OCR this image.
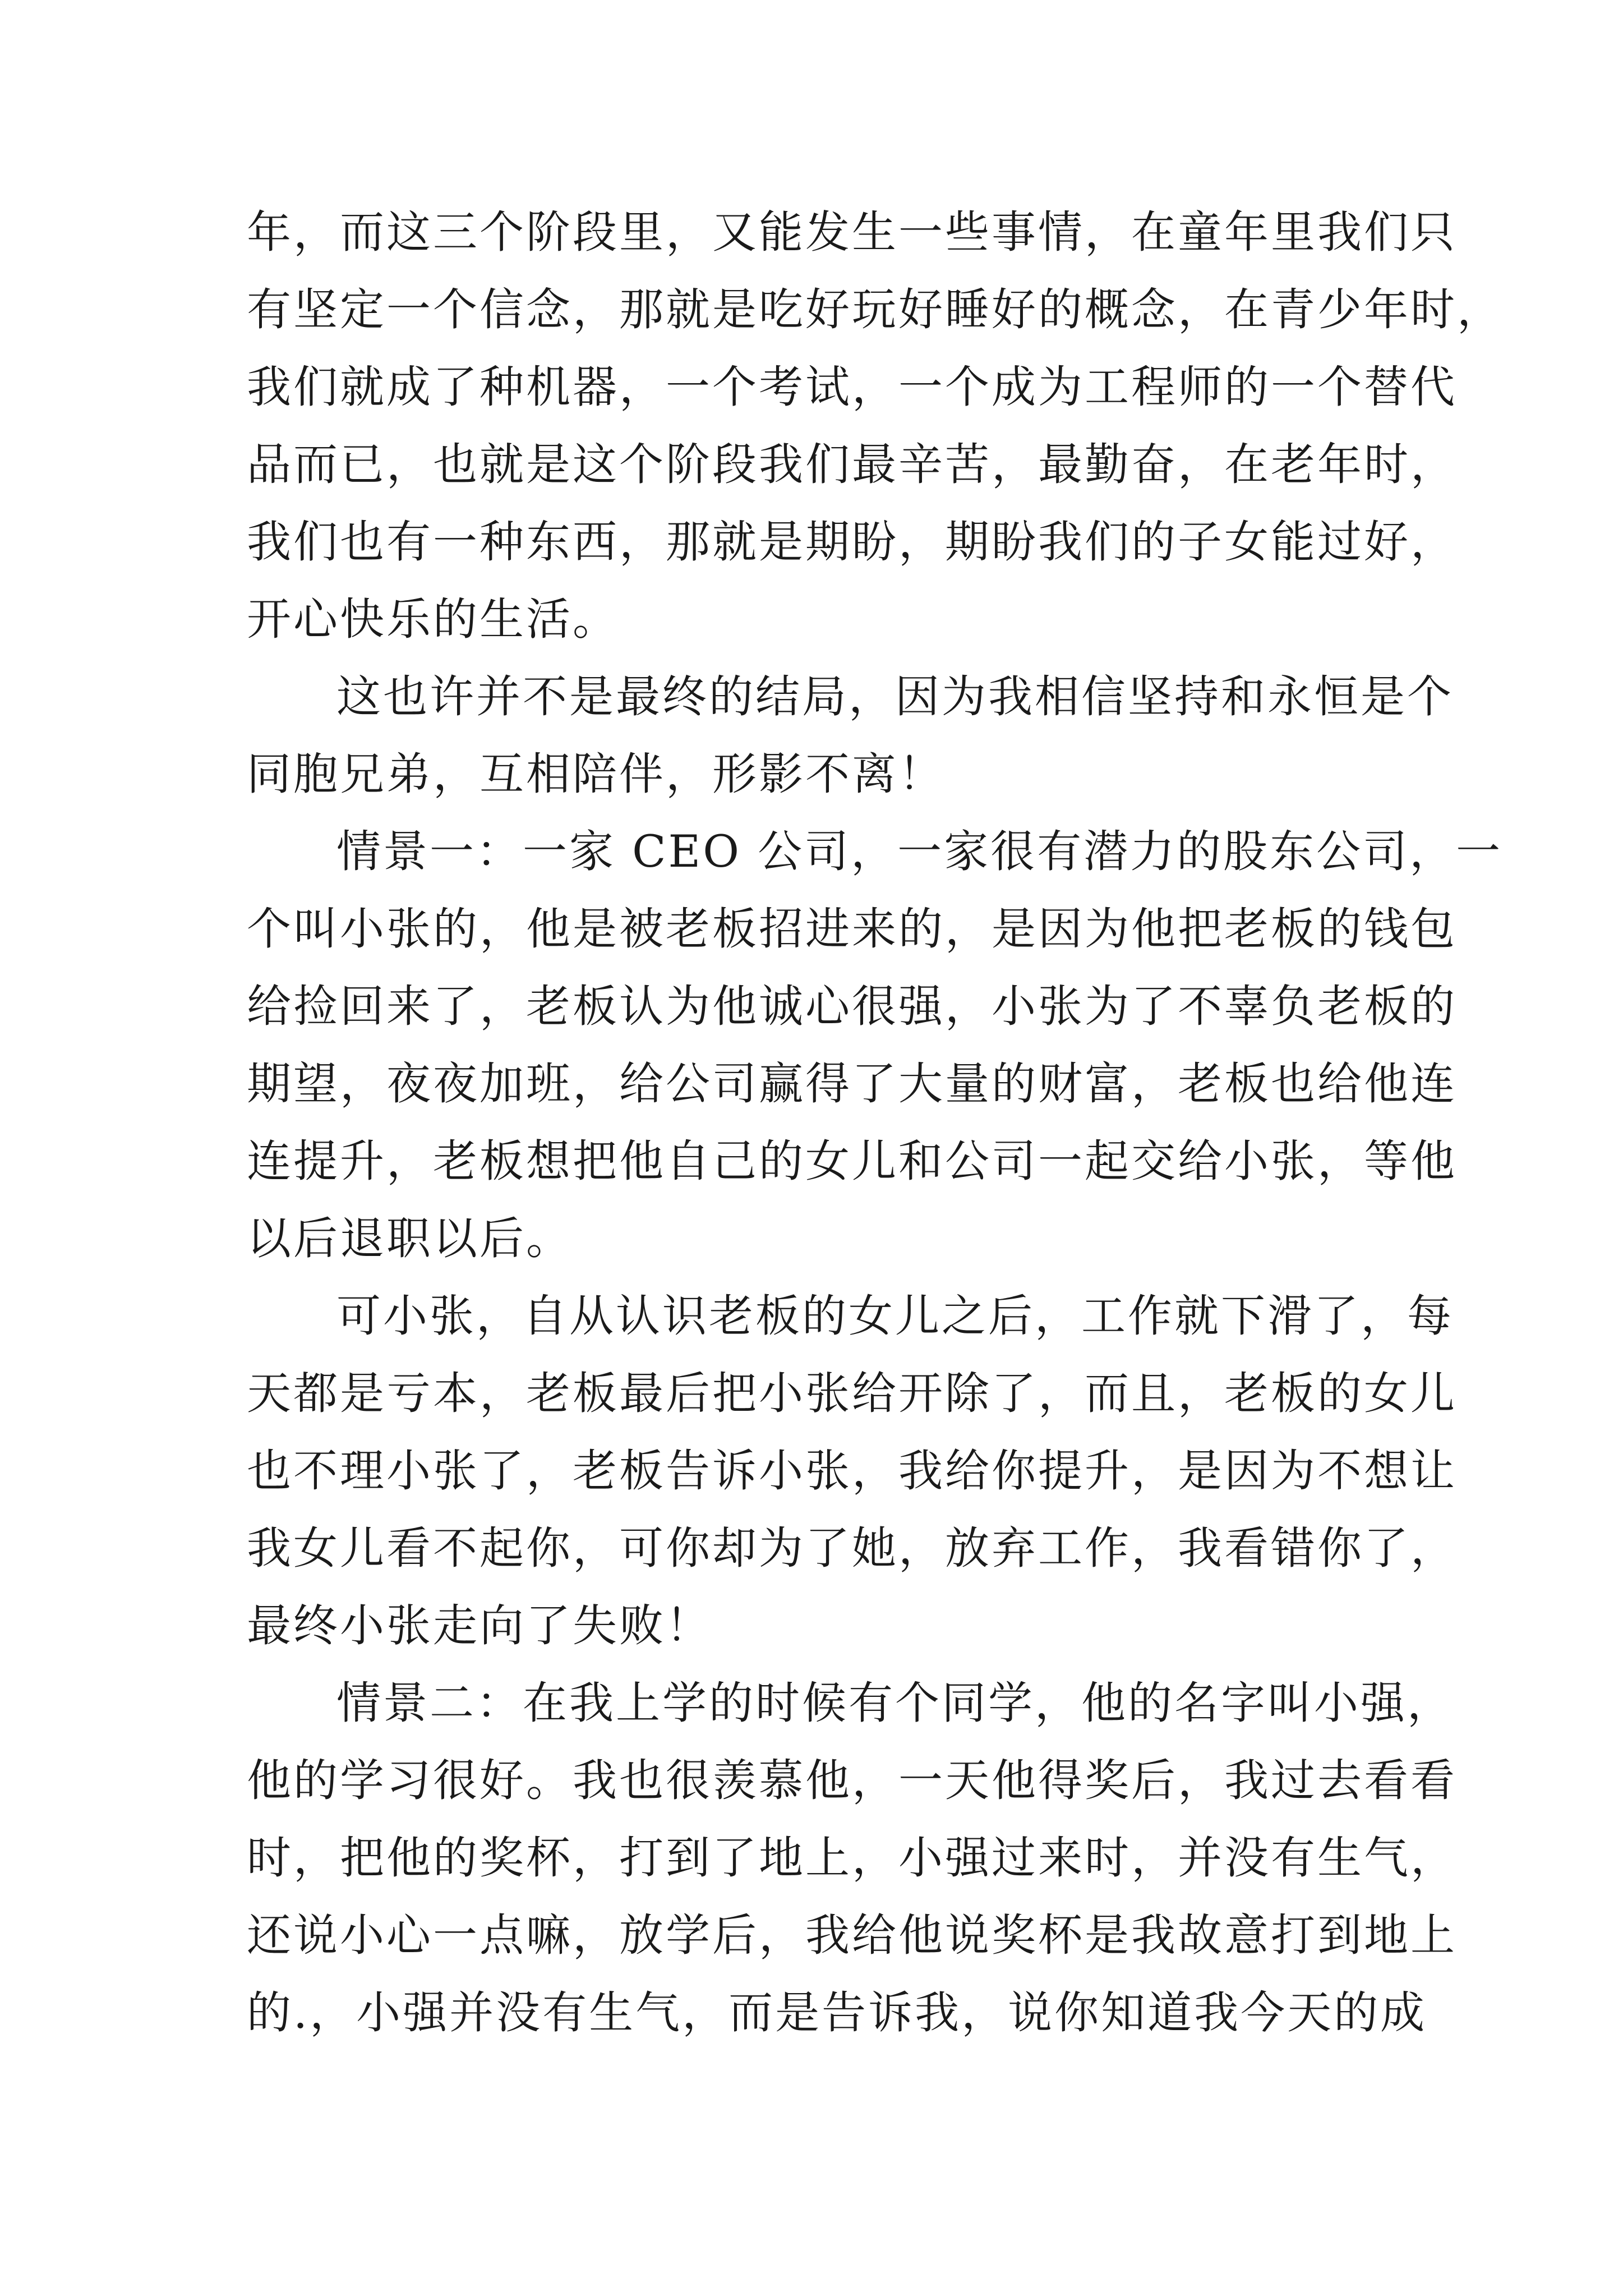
年，而这三个阶段里，又能发生一些事情，在童年里我们只
有坚定一个信念，那就是吃好玩好睡好的概念，在青少年时，
我们就成了种机器，一个考试，一个成为工程师的一个替代
品而已，也就是这个阶段我们最辛苦，最勤奋，在老年时，
我们也有一种东西，那就是期盼，期盼我们的子女能过好，
开心快乐的生活。
这也许并不是最终的结局，因为我相信坚持和永恒是个
同胞兄弟，互相陪伴，形影不离！
情景一：一家 CEO 公司，一家很有潜力的股东公司，一
个叫小张的，他是被老板招进来的，是因为他把老板的钱包
给捡回来了，老板认为他诚心很强，小张为了不辜负老板的
期望，夜夜加班，给公司赢得了大量的财富，老板也给他连
连提升，老板想把他自己的女儿和公司一起交给小张，等他
以后退职以后。
可小张，自从认识老板的女儿之后，工作就下滑了，每
天都是亏本，老板最后把小张给开除了，而且，老板的女儿
也不理小张了，老板告诉小张，我给你提升，是因为不想让
我女儿看不起你，可你却为了她，放弃工作，我看错你了，
最终小张走向了失败！
情景二：在我上学的时候有个同学，他的名字叫小强，
他的学习很好。我也很羡慕他，一天他得奖后，我过去看看
时，把他的奖杯，打到了地上，小强过来时，并没有生气，
还说小心一点嘛，放学后，我给他说奖杯是我故意打到地上
的.，小强并没有生气，而是告诉我，说你知道我今天的成
